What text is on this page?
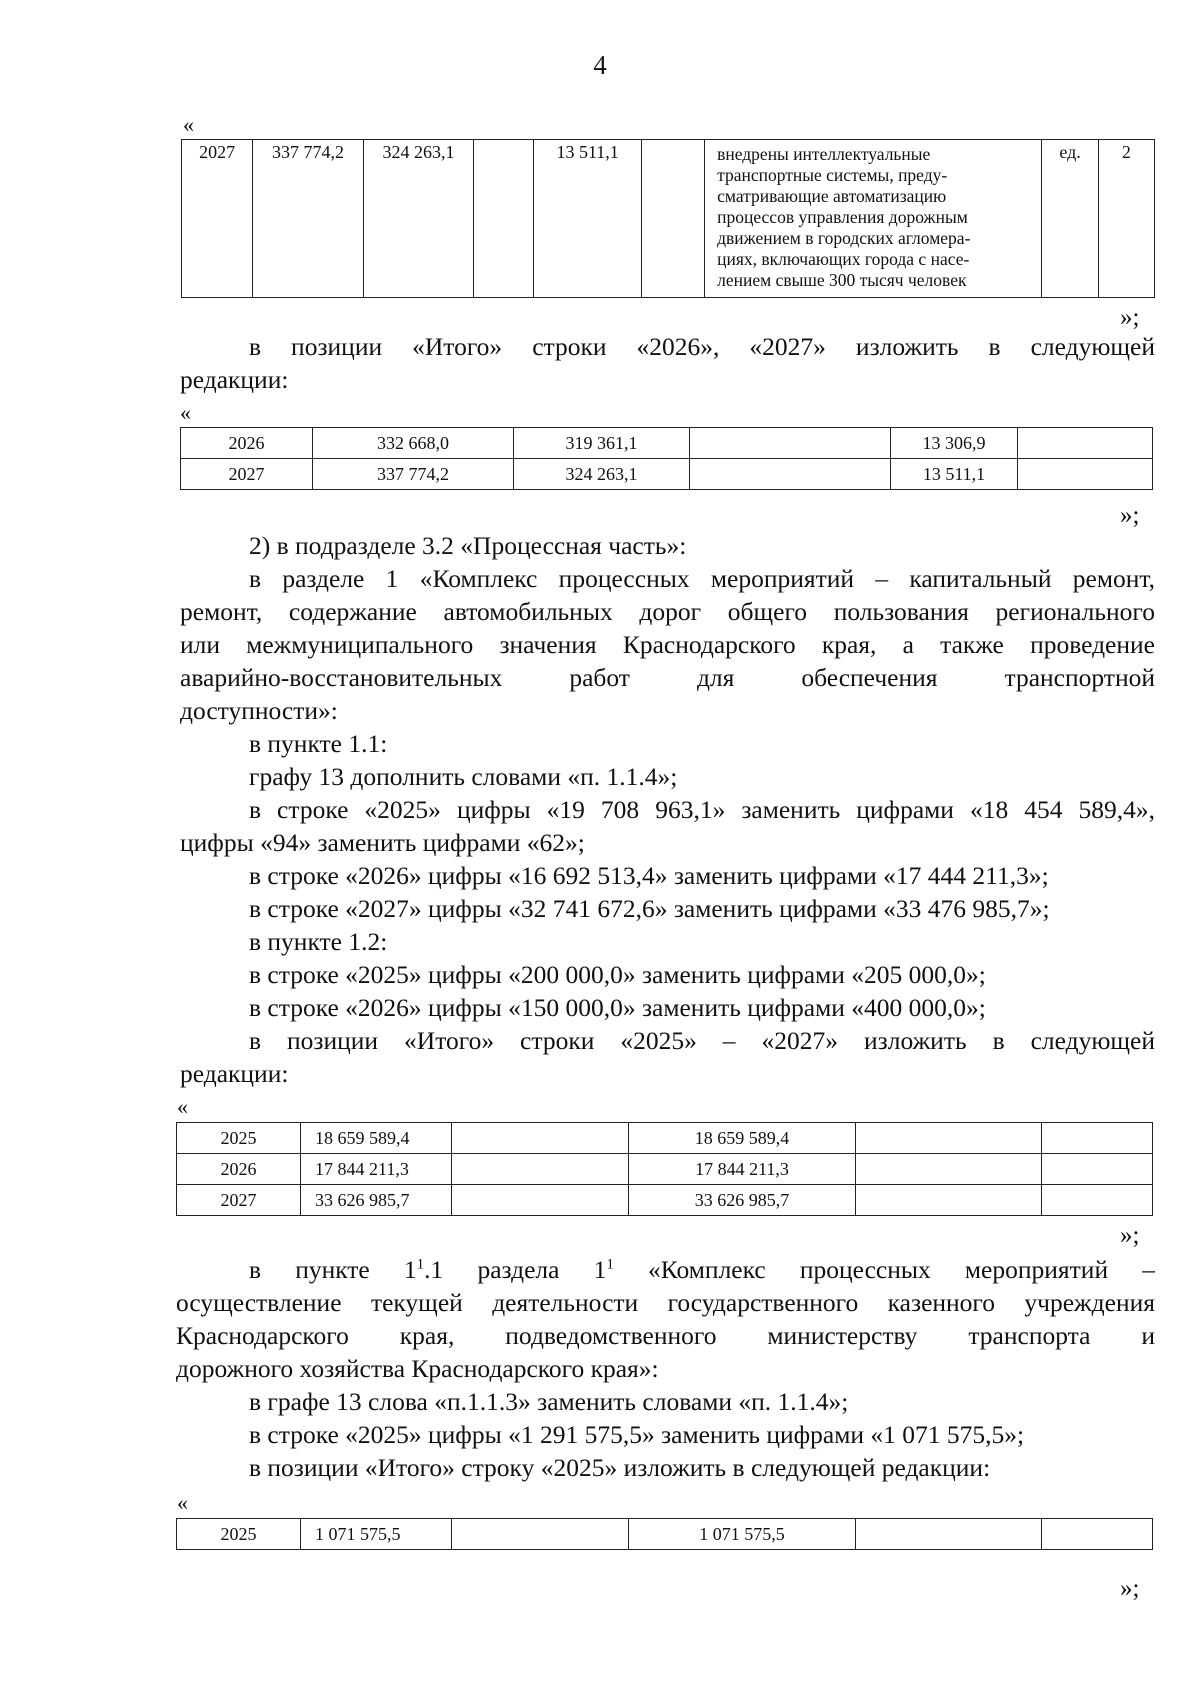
4
«
2027	337 774,2	324 263,1		13 511,1		внедрены интеллектуальные
транспортные системы, преду-
сматривающие автоматизацию
процессов управления дорожным
движением в городских агломера-
циях, включающих города с насе-
лением свыше 300 тысяч человек
	ед.	2
»;
в позиции «Итого» строки «2026», «2027» изложить в следующей
редакции:
«
2026	332 668,0	319 361,1		13 306,9	
2027	337 774,2	324 263,1		13 511,1	
»;
2) в подразделе 3.2 «Процессная часть»:
в разделе 1 «Комплекс процессных мероприятий – капитальный ремонт,
ремонт, содержание автомобильных дорог общего пользования регионального
или межмуниципального значения Краснодарского края, а также проведение
аварийно-восстановительных работ для обеспечения транспортной
доступности»:
в пункте 1.1:
графу 13 дополнить словами «п. 1.1.4»;
в строке «2025» цифры «19 708 963,1» заменить цифрами «18 454 589,4»,
цифры «94» заменить цифрами «62»;
в строке «2026» цифры «16 692 513,4» заменить цифрами «17 444 211,3»;
в строке «2027» цифры «32 741 672,6» заменить цифрами «33 476 985,7»;
в пункте 1.2:
в строке «2025» цифры «200 000,0» заменить цифрами «205 000,0»;
в строке «2026» цифры «150 000,0» заменить цифрами «400 000,0»;
в позиции «Итого» строки «2025» – «2027» изложить в следующей
редакции:
«
2025	18 659 589,4		18 659 589,4		
2026	17 844 211,3		17 844 211,3		
2027	33 626 985,7		33 626 985,7		
»;
в пункте $1^1.1$ раздела $1^1$ «Комплекс процессных мероприятий –
осуществление текущей деятельности государственного казенного учреждения
Краснодарского края, подведомственного министерству транспорта и
дорожного хозяйства Краснодарского края»:
в графе 13 слова «п.1.1.3» заменить словами «п. 1.1.4»;
в строке «2025» цифры «1 291 575,5» заменить цифрами «1 071 575,5»;
в позиции «Итого» строку «2025» изложить в следующей редакции:
«
2025	1 071 575,5		1 071 575,5		
»;
